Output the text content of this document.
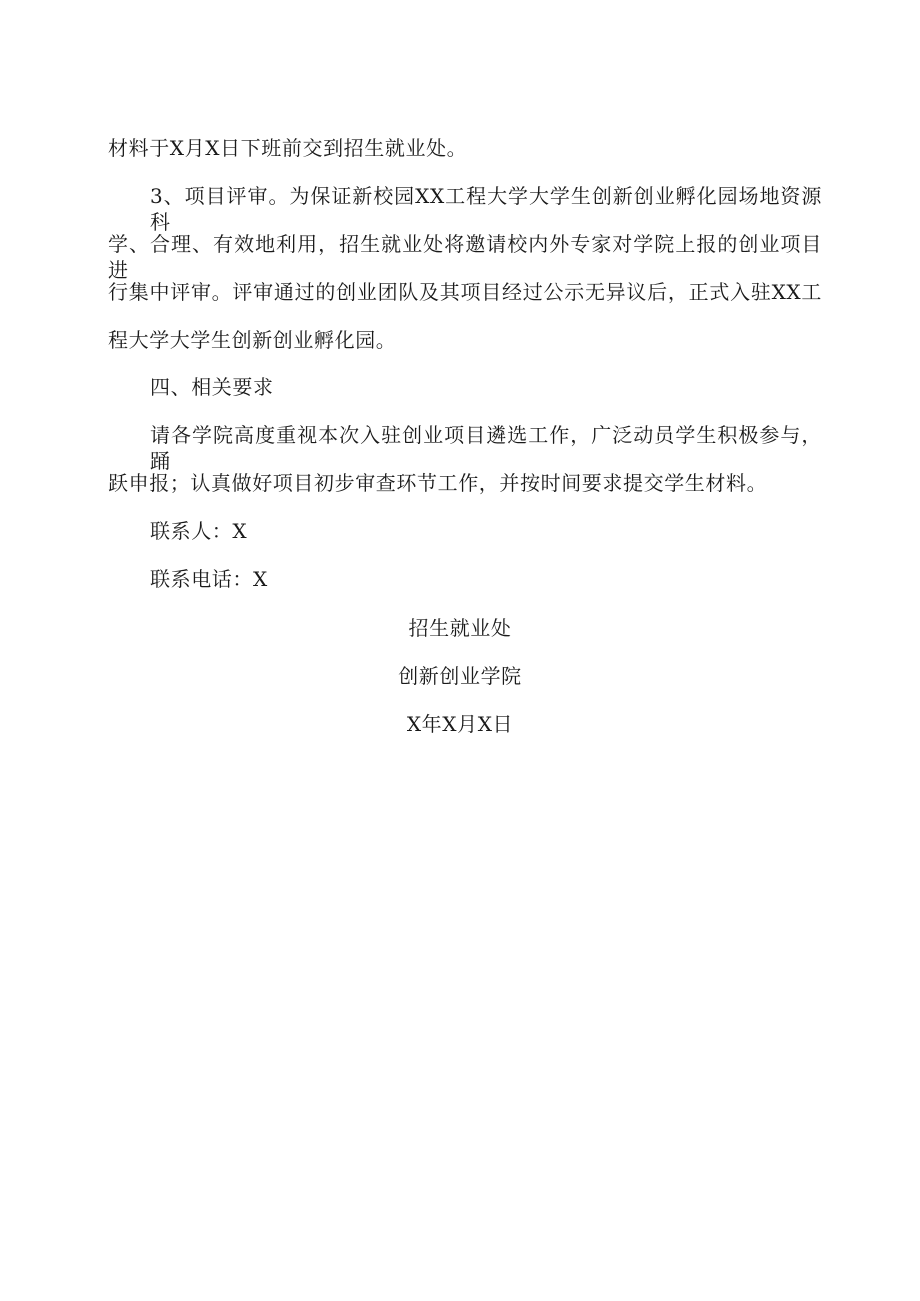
材料于X月X日下班前交到招生就业处。
3、项目评审。为保证新校园XX工程大学大学生创新创业孵化园场地资源科
学、合理、有效地利用，招生就业处将邀请校内外专家对学院上报的创业项目进
行集中评审。评审通过的创业团队及其项目经过公示无异议后，正式入驻XX工
程大学大学生创新创业孵化园。
四、相关要求
请各学院高度重视本次入驻创业项目遴选工作，广泛动员学生积极参与，踊
跃申报；认真做好项目初步审查环节工作，并按时间要求提交学生材料。
联系人：X
联系电话：X
招生就业处
创新创业学院
X年X月X日
